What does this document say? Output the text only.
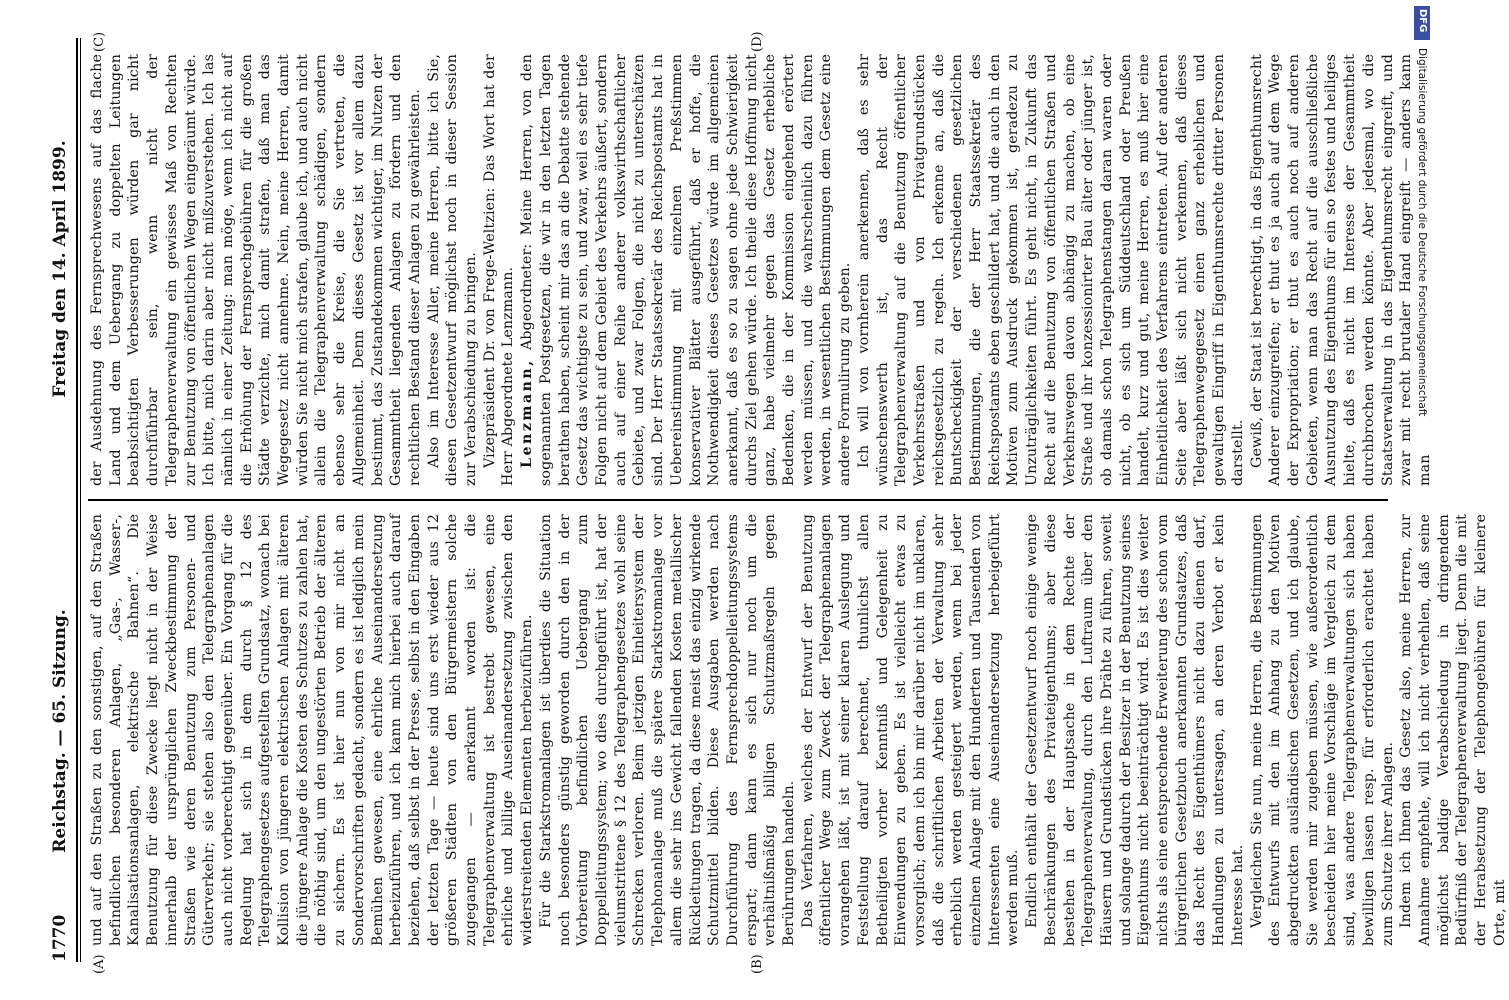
1770
Reichstag. — 65. Sitzung.
Freitag den 14. April 1899.
(A)	(B)
(C)	(D)

und auf den Straßen zu den sonstigen, auf den Straßen befindlichen besonderen Anlagen, „Gas-, Wasser-, Kanalisationsanlagen, elektrische Bahnen“. Die Benutzung für diese Zwecke liegt nicht in der Weise innerhalb der ursprünglichen Zweckbestimmung der Straßen wie deren Benutzung zum Personen- und Güterverkehr; sie stehen also den Telegraphenanlagen auch nicht vorberechtigt gegenüber. Ein Vorgang für die Regelung hat sich in dem durch § 12 des Telegraphengesetzes aufgestellten Grundsatz, wonach bei Kollision von jüngeren elektrischen Anlagen mit älteren die jüngere Anlage die Kosten des Schutzes zu zahlen hat, die nöthig sind, um den ungestörten Betrieb der älteren zu sichern. Es ist hier nun von mir nicht an Sondervorschriften gedacht, sondern es ist lediglich mein Bemühen gewesen, eine ehrliche Auseinandersetzung herbeizuführen, und ich kann mich hierbei auch darauf beziehen, daß selbst in der Presse, selbst in den Eingaben der letzten Tage — heute sind uns erst wieder aus 12 größeren Städten von den Bürgermeistern solche zugegangen — anerkannt worden ist: die Telegraphenverwaltung ist bestrebt gewesen, eine ehrliche und billige Auseinandersetzung zwischen den widerstreitenden Elementen herbeizuführen. Für die Starkstromanlagen ist überdies die Situation noch besonders günstig geworden durch den in der Vorbereitung befindlichen Uebergang zum Doppelleitungssystem; wo dies durchgeführt ist, hat der vielumstrittene § 12 des Telegraphengesetzes wohl seine Schrecken verloren. Beim jetzigen Einleitersystem der Telephonanlage muß die spätere Starkstromanlage vor allem die sehr ins Gewicht fallenden Kosten metallischer Rückleitungen tragen, da diese meist das einzig wirkende Schutzmittel bilden. Diese Ausgaben werden nach Durchführung des Fernsprechdoppelleitungssystems erspart; dann kann es sich nur noch um die verhältnißmäßig billigen Schutzmaßregeln gegen Berührungen handeln. Das Verfahren, welches der Entwurf der Benutzung öffentlicher Wege zum Zweck der Telegraphenanlagen vorangehen läßt, ist mit seiner klaren Auslegung und Feststellung darauf berechnet, thunlichst allen Betheiligten vorher Kenntniß und Gelegenheit zu Einwendungen zu geben. Es ist vielleicht etwas zu vorsorglich; denn ich bin mir darüber nicht im unklaren, daß die schriftlichen Arbeiten der Verwaltung sehr erheblich werden gesteigert werden, wenn bei jeder einzelnen Anlage mit den Hunderten und Tausenden von Interessenten eine Auseinandersetzung herbeigeführt werden muß. Endlich enthält der Gesetzentwurf noch einige wenige Beschränkungen des Privateigenthums; aber diese bestehen in der Hauptsache in dem Rechte der Telegraphenverwaltung, durch den Luftraum über den Häusern und Grundstücken ihre Drähte zu führen, soweit und solange dadurch der Besitzer in der Benutzung seines Eigenthums nicht beeinträchtigt wird. Es ist dies weiter nichts als eine entsprechende Erweiterung des schon vom bürgerlichen Gesetzbuch anerkannten Grundsatzes, daß das Recht des Eigenthümers nicht dazu dienen darf, Handlungen zu untersagen, an deren Verbot er kein Interesse hat. Vergleichen Sie nun, meine Herren, die Bestimmungen des Entwurfs mit den im Anhang zu den Motiven abgedruckten ausländischen Gesetzen, und ich glaube, Sie werden mir zugeben müssen, wie außerordentlich bescheiden hier meine Vorschläge im Vergleich zu dem sind, was andere Telegraphenverwaltungen sich haben bewilligen lassen resp. für erforderlich erachtet haben zum Schutze ihrer Anlagen. Indem ich Ihnen das Gesetz also, meine Herren, zur Annahme empfehle, will ich nicht verhehlen, daß seine möglichst baldige Verabschiedung in dringendem Bedürfniß der Telegraphenverwaltung liegt. Denn die mit der Herabsetzung der Telephongebühren für kleinere Orte, mit

der Ausdehnung des Fernsprechwesens auf das flache Land und dem Uebergang zu doppelten Leitungen beabsichtigten Verbesserungen würden gar nicht durchführbar sein, wenn nicht der Telegraphenverwaltung ein gewisses Maß von Rechten zur Benutzung von öffentlichen Wegen eingeräumt würde. Ich bitte, mich darin aber nicht mißzuverstehen. Ich las nämlich in einer Zeitung: man möge, wenn ich nicht auf die Erhöhung der Fernsprechgebühren für die großen Städte verzichte, mich damit strafen, daß man das Wegegesetz nicht annehme. Nein, meine Herren, damit würden Sie nicht mich strafen, glaube ich, und auch nicht allein die Telegraphenverwaltung schädigen, sondern ebenso sehr die Kreise, die Sie vertreten, die Allgemeinheit. Denn dieses Gesetz ist vor allem dazu bestimmt, das Zustandekommen wichtiger, im Nutzen der Gesammtheit liegenden Anlagen zu fördern und den rechtlichen Bestand dieser Anlagen zu gewährleisten. Also im Interesse Aller, meine Herren, bitte ich Sie, diesen Gesetzentwurf möglichst noch in dieser Session zur Verabschiedung zu bringen. Vizepräsident Dr. von Frege-Weltzien: Das Wort hat der Herr Abgeordnete Lenzmann. Lenzmann, Abgeordneter: Meine Herren, von den sogenannten Postgesetzen, die wir in den letzten Tagen berathen haben, scheint mir das an die Debatte stehende Gesetz das wichtigste zu sein, und zwar, weil es sehr tiefe Folgen nicht auf dem Gebiet des Verkehrs äußert, sondern auch auf einer Reihe anderer volkswirthschaftlicher Gebiete, und zwar Folgen, die nicht zu unterschätzen sind. Der Herr Staatssekretär des Reichspostamts hat in Uebereinstimmung mit einzelnen Preßstimmen konservativer Blätter ausgeführt, daß er hoffe, die Nothwendigkeit dieses Gesetzes würde im allgemeinen anerkannt, daß es so zu sagen ohne jede Schwierigkeit durchs Ziel gehen würde. Ich theile diese Hoffnung nicht ganz, habe vielmehr gegen das Gesetz erhebliche Bedenken, die in der Kommission eingehend erörtert werden müssen, und die wahrscheinlich dazu führen werden, in wesentlichen Bestimmungen dem Gesetz eine andere Formulirung zu geben. Ich will von vornherein anerkennen, daß es sehr wünschenswerth ist, das Recht der Telegraphenverwaltung auf die Benutzung öffentlicher Verkehrsstraßen und von Privatgrundstücken reichsgesetzlich zu regeln. Ich erkenne an, daß die Buntscheckigkeit der verschiedenen gesetzlichen Bestimmungen, die der Herr Staatssekretär des Reichspostamts eben geschildert hat, und die auch in den Motiven zum Ausdruck gekommen ist, geradezu zu Unzuträglichkeiten führt. Es geht nicht, in Zukunft das Recht auf die Benutzung von öffentlichen Straßen und Verkehrswegen davon abhängig zu machen, ob eine Straße und ihr konzessionirter Bau älter oder jünger ist, ob damals schon Telegraphenstangen daran waren oder nicht, ob es sich um Süddeutschland oder Preußen handelt, kurz und gut, meine Herren, es muß hier eine Einheitlichkeit des Verfahrens eintreten. Auf der anderen Seite aber läßt sich nicht verkennen, daß dieses Telegraphenwegegesetz einen ganz erheblichen und gewaltigen Eingriff in Eigenthumsrechte dritter Personen darstellt. Gewiß, der Staat ist berechtigt, in das Eigenthumsrecht Anderer einzugreifen; er thut es ja auch auf dem Wege der Expropriation; er thut es auch noch auf anderen Gebieten, wenn man das Recht auf die ausschließliche Ausnutzung des Eigenthums für ein so festes und heiliges hielte, daß es nicht im Interesse der Gesammtheit durchbrochen werden könnte. Aber jedesmal, wo die Staatsverwaltung in das Eigenthumsrecht eingreift, und zwar mit recht brutaler Hand eingreift — anders kann man

DFG
Digitalisierung gefördert durch die Deutsche Forschungsgemeinschaft
